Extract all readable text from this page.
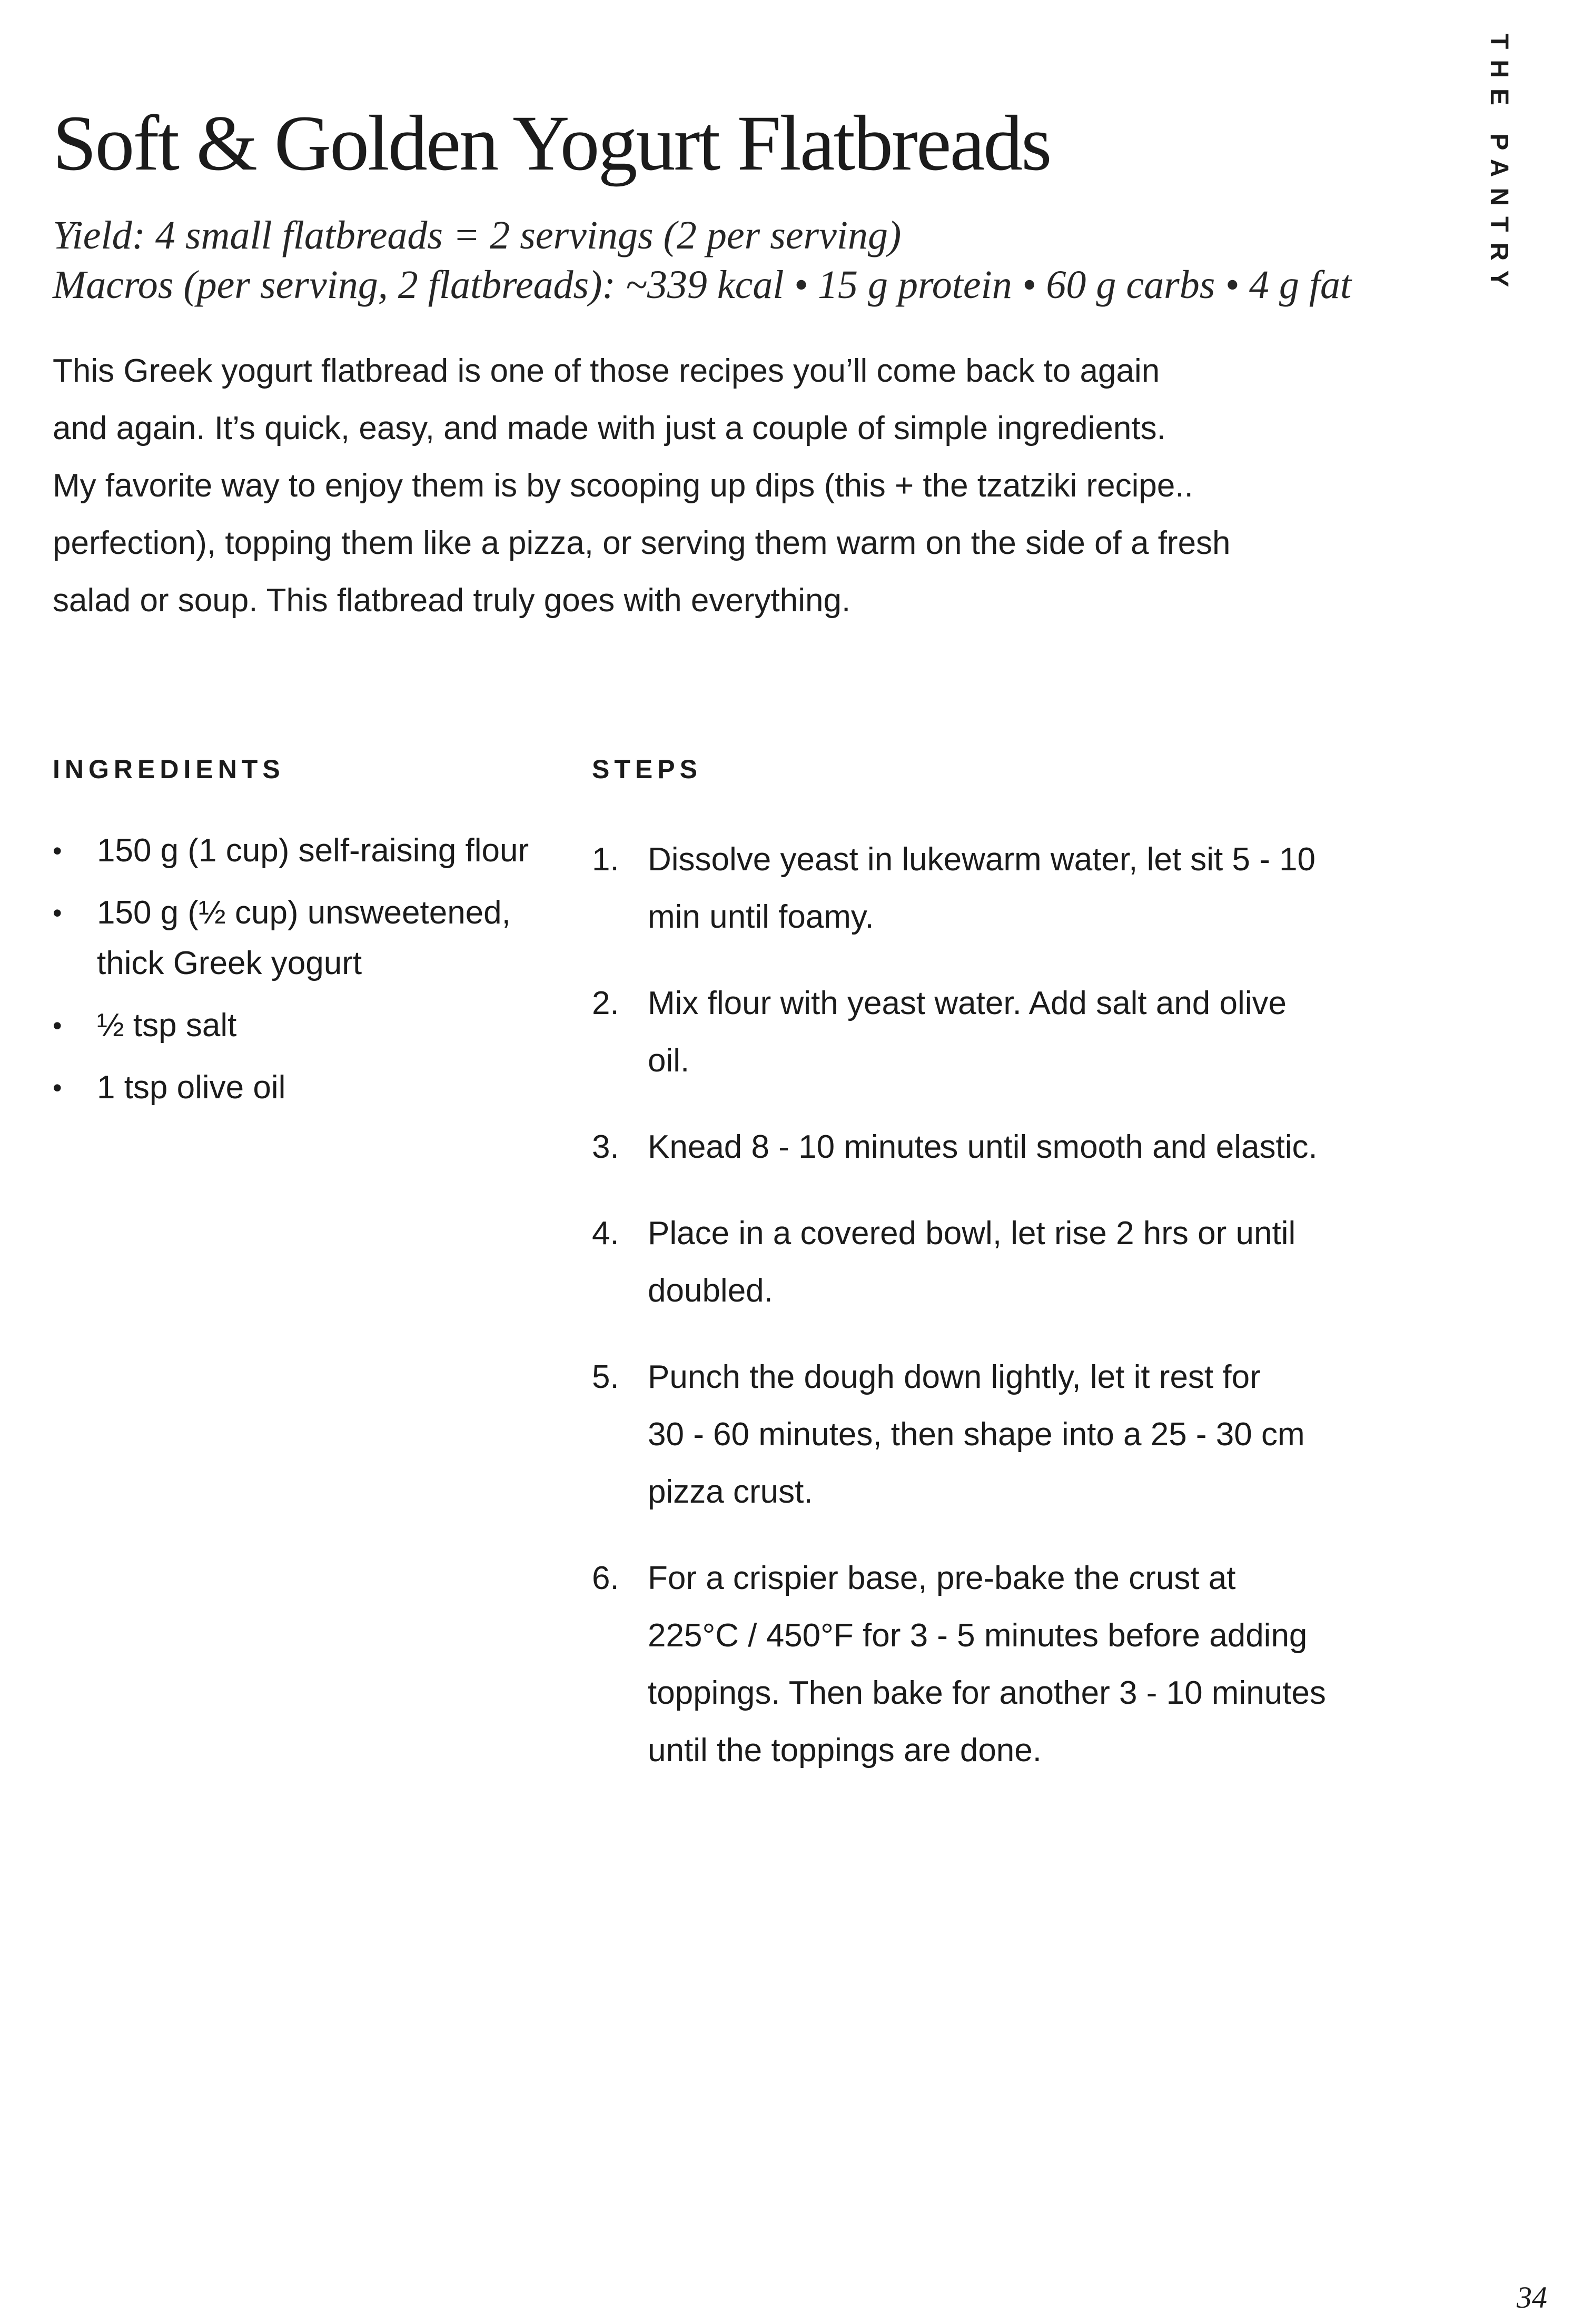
THE PANTRY
Soft & Golden Yogurt Flatbreads
Yield: 4 small flatbreads = 2 servings (2 per serving)
Macros (per serving, 2 flatbreads): ~339 kcal • 15 g protein • 60 g carbs • 4 g fat
This Greek yogurt flatbread is one of those recipes you’ll come back to again
and again. It’s quick, easy, and made with just a couple of simple ingredients.
My favorite way to enjoy them is by scooping up dips (this + the tzatziki recipe..
perfection), topping them like a pizza, or serving them warm on the side of a fresh
salad or soup. This flatbread truly goes with everything.
INGREDIENTS	STEPS
• 150 g (1 cup) self-raising flour
• 150 g (½ cup) unsweetened, thick Greek yogurt
• ½ tsp salt
• 1 tsp olive oil
1. Dissolve yeast in lukewarm water, let sit 5 - 10
min until foamy.
2. Mix flour with yeast water. Add salt and olive
oil.
3. Knead 8 - 10 minutes until smooth and elastic.
4. Place in a covered bowl, let rise 2 hrs or until
doubled.
5. Punch the dough down lightly, let it rest for
30 - 60 minutes, then shape into a 25 - 30 cm
pizza crust.
6. For a crispier base, pre-bake the crust at
225°C / 450°F for 3 - 5 minutes before adding
toppings. Then bake for another 3 - 10 minutes
until the toppings are done.
34
